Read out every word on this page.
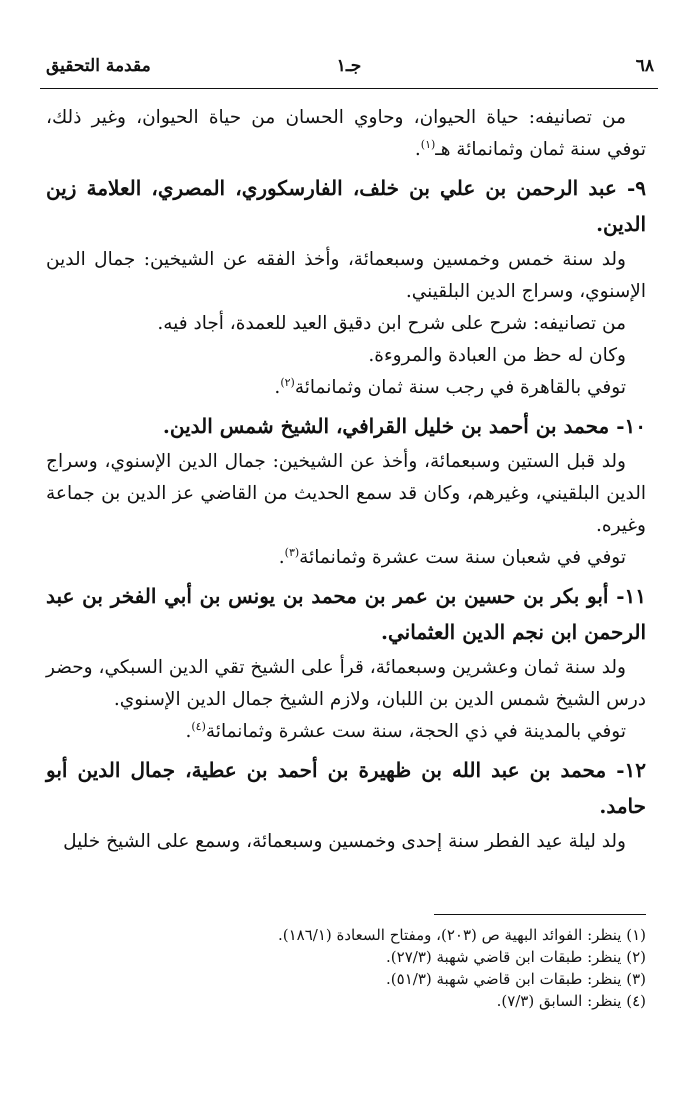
٦٨
جـ١
مقدمة التحقيق

من تصانيفه: حياة الحيوان، وحاوي الحسان من حياة الحيوان، وغير ذلك، توفي سنة ثمان وثمانمائة هـ$^{(١)}$.

٩- عبد الرحمن بن علي بن خلف، الفارسكوري، المصري، العلامة زين الدين.

ولد سنة خمس وخمسين وسبعمائة، وأخذ الفقه عن الشيخين: جمال الدين الإسنوي، وسراج الدين البلقيني.

من تصانيفه: شرح على شرح ابن دقيق العيد للعمدة، أجاد فيه.

وكان له حظ من العبادة والمروءة.

توفي بالقاهرة في رجب سنة ثمان وثمانمائة$^{(٢)}$.

١٠- محمد بن أحمد بن خليل القرافي، الشيخ شمس الدين.

ولد قبل الستين وسبعمائة، وأخذ عن الشيخين: جمال الدين الإسنوي، وسراج الدين البلقيني، وغيرهم، وكان قد سمع الحديث من القاضي عز الدين بن جماعة وغيره.

توفي في شعبان سنة ست عشرة وثمانمائة$^{(٣)}$.

١١- أبو بكر بن حسين بن عمر بن محمد بن يونس بن أبي الفخر بن عبد الرحمن ابن نجم الدين العثماني.

ولد سنة ثمان وعشرين وسبعمائة، قرأ على الشيخ تقي الدين السبكي، وحضر درس الشيخ شمس الدين بن اللبان، ولازم الشيخ جمال الدين الإسنوي.

توفي بالمدينة في ذي الحجة، سنة ست عشرة وثمانمائة$^{(٤)}$.

١٢- محمد بن عبد الله بن ظهيرة بن أحمد بن عطية، جمال الدين أبو حامد.

ولد ليلة عيد الفطر سنة إحدى وخمسين وسبعمائة، وسمع على الشيخ خليل

(١) ينظر: الفوائد البهية ص (٢٠٣)، ومفتاح السعادة (١٨٦/١).

(٢) ينظر: طبقات ابن قاضي شهبة (٢٧/٣).

(٣) ينظر: طبقات ابن قاضي شهبة (٥١/٣).

(٤) ينظر: السابق (٧/٣).
